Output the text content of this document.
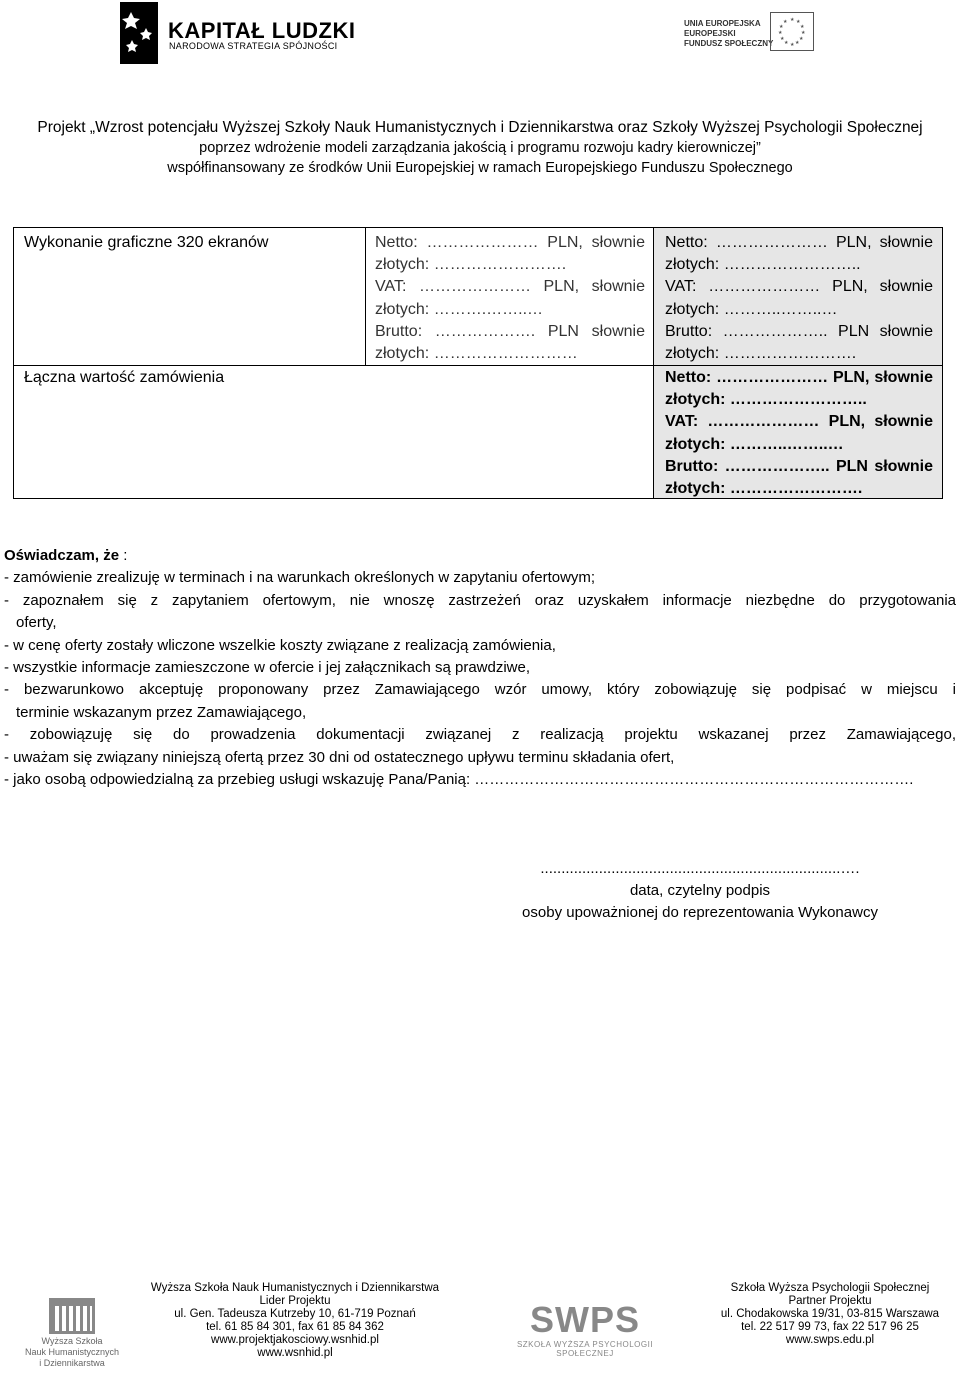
KAPITAŁ LUDZKI
NARODOWA STRATEGIA SPÓJNOŚCI
UNIA EUROPEJSKA
EUROPEJSKI
FUNDUSZ SPOŁECZNY
★ ★
★
★
★
★
★
★
★
★
★
★
Projekt „Wzrost potencjału Wyższej Szkoły Nauk Humanistycznych i Dziennikarstwa oraz Szkoły Wyższej Psychologii Społecznej
poprzez wdrożenie modeli zarządzania jakością i programu rozwoju kadry kierowniczej”
współfinansowany ze środków Unii Europejskiej w ramach Europejskiego Funduszu Społecznego
Wykonanie graficzne 320 ekranów
Łączna wartość zamówienia
Netto: ………………… PLN, słownie
złotych: …………………….
VAT: ………………… PLN, słownie
złotych: ……….……..…
Brutto: ………………. PLN słownie
złotych: ………………………
Netto: ………………… PLN, słownie
złotych: ……………………..
VAT: ………………… PLN, słownie
złotych: ………..……..…
Brutto: ……………….. PLN słownie
złotych: …………………….
Netto: ………………… PLN, słownie
złotych: ……………………..
VAT: ………………… PLN, słownie
złotych: ………..……..…
Brutto: ……………….. PLN słownie
złotych: …………………….
Oświadczam, że :
- zamówienie zrealizuję w terminach i na warunkach określonych w zapytaniu ofertowym;
- zapoznałem się z zapytaniem ofertowym, nie wnoszę zastrzeżeń oraz uzyskałem informacje niezbędne do przygotowania
oferty,
- w cenę oferty zostały wliczone wszelkie koszty związane z realizacją zamówienia,
- wszystkie informacje zamieszczone w ofercie i jej załącznikach są prawdziwe,
- bezwarunkowo akceptuję proponowany przez Zamawiającego wzór umowy, który zobowiązuję się podpisać w miejscu i
terminie wskazanym przez Zamawiającego,
- zobowiązuję się do prowadzenia dokumentacji związanej z realizacją projektu wskazanej przez Zamawiającego,
- uważam się związany niniejszą ofertą przez 30 dni od ostatecznego upływu terminu składania ofert,
- jako osobą odpowiedzialną za przebieg usługi wskazuję Pana/Panią: …………………………………………………………………………….
........................................................................….
data, czytelny podpis
osoby upoważnionej do reprezentowania Wykonawcy
Wyższa Szkoła
Nauk Humanistycznych
i Dziennikarstwa
Wyższa Szkoła Nauk Humanistycznych i Dziennikarstwa
Lider Projektu
ul. Gen. Tadeusza Kutrzeby 10, 61-719 Poznań
tel. 61 85 84 301, fax 61 85 84 362
www.projektjakosciowy.wsnhid.pl
www.wsnhid.pl
SWPS
SZKOŁA WYŻSZA PSYCHOLOGII SPOŁECZNEJ
Szkoła Wyższa Psychologii Społecznej
Partner Projektu
ul. Chodakowska 19/31, 03-815 Warszawa
tel. 22 517 99 73, fax 22 517 96 25
www.swps.edu.pl
